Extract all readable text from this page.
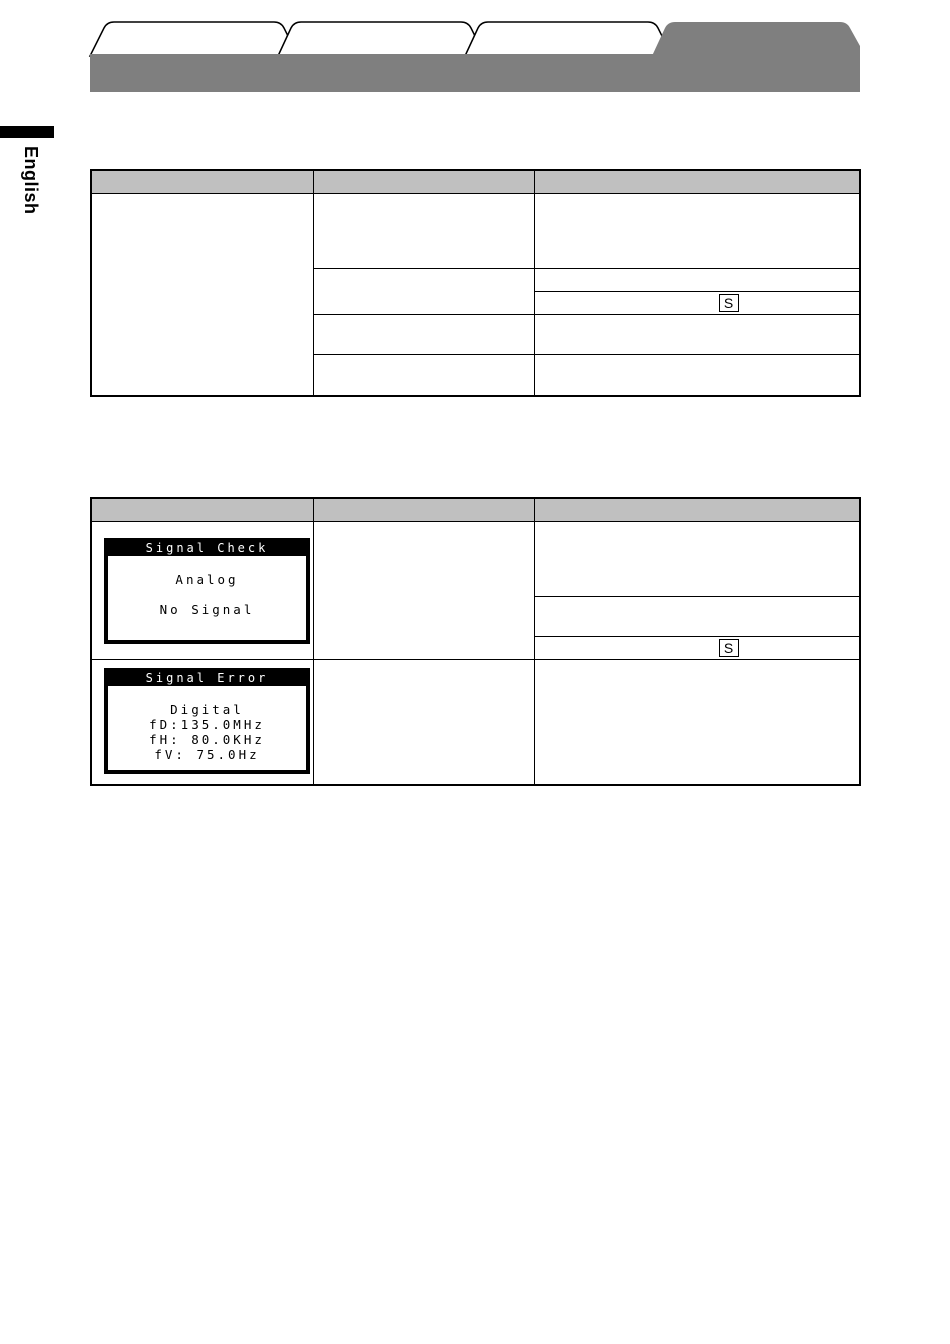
English

		S

Signal Check
Analog
No Signal		

		S

Signal Error
Digital
fD:135.0MHz
fH: 80.0KHz
fV: 75.0Hz		
